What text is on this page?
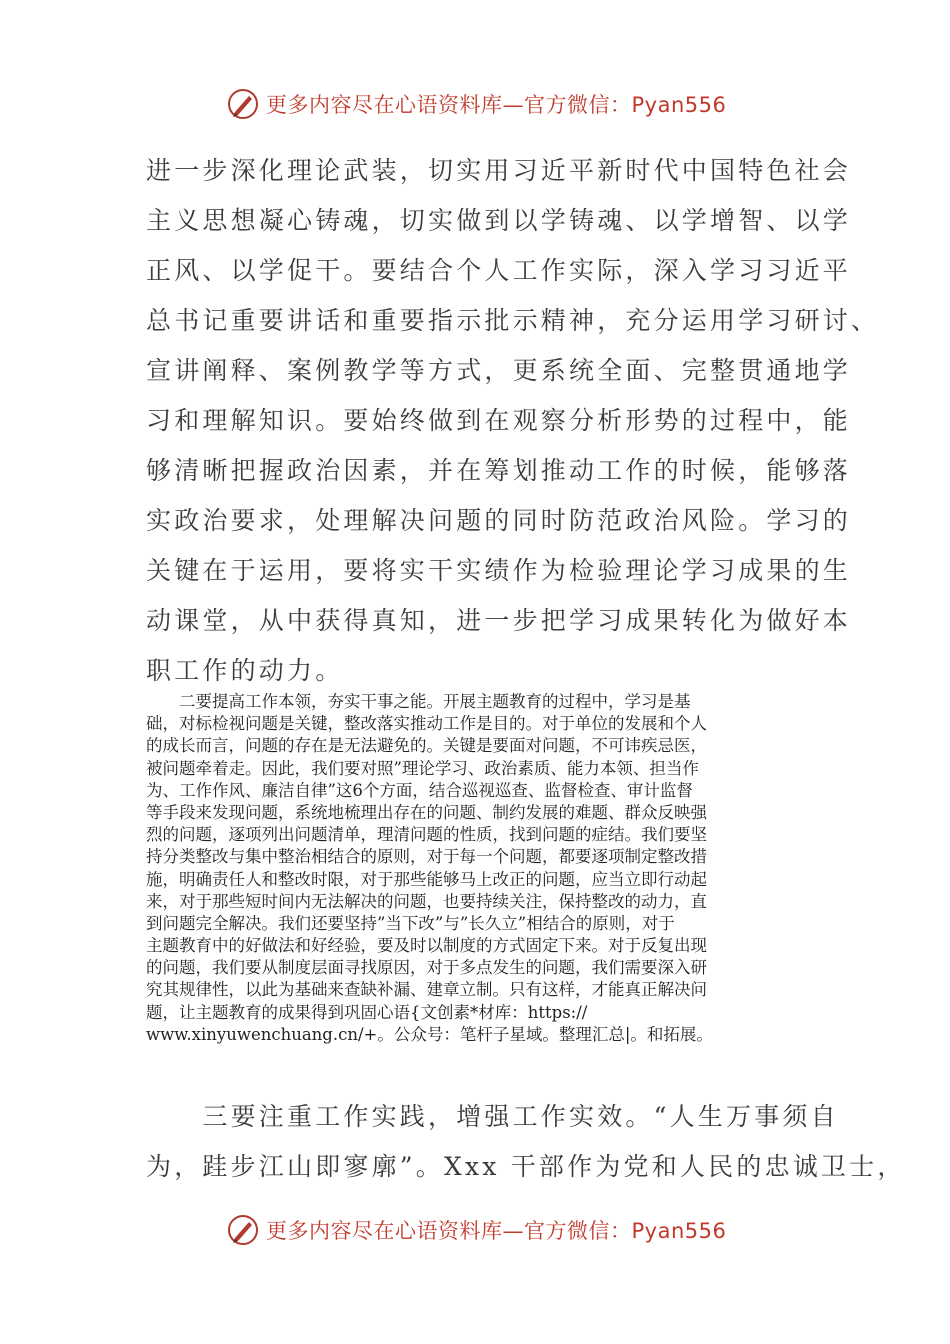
更多内容尽在心语资料库—官方微信：Pyan556
进一步深化理论武装，切实用习近平新时代中国特色社会
主义思想凝心铸魂，切实做到以学铸魂、以学增智、以学
正风、以学促干。要结合个人工作实际，深入学习习近平
总书记重要讲话和重要指示批示精神，充分运用学习研讨、
宣讲阐释、案例教学等方式，更系统全面、完整贯通地学
习和理解知识。要始终做到在观察分析形势的过程中，能
够清晰把握政治因素，并在筹划推动工作的时候，能够落
实政治要求，处理解决问题的同时防范政治风险。学习的
关键在于运用，要将实干实绩作为检验理论学习成果的生
动课堂，从中获得真知，进一步把学习成果转化为做好本
职工作的动力。
　　二要提高工作本领，夯实干事之能。开展主题教育的过程中，学习是基
础，对标检视问题是关键，整改落实推动工作是目的。对于单位的发展和个人
的成长而言，问题的存在是无法避免的。关键是要面对问题，不可讳疾忌医，
被问题牵着走。因此，我们要对照”理论学习、政治素质、能力本领、担当作
为、工作作风、廉洁自律”这6个方面，结合巡视巡查、监督检查、审计监督
等手段来发现问题，系统地梳理出存在的问题、制约发展的难题、群众反映强
烈的问题，逐项列出问题清单，理清问题的性质，找到问题的症结。我们要坚
持分类整改与集中整治相结合的原则，对于每一个问题，都要逐项制定整改措
施，明确责任人和整改时限，对于那些能够马上改正的问题，应当立即行动起
来，对于那些短时间内无法解决的问题，也要持续关注，保持整改的动力，直
到问题完全解决。我们还要坚持”当下改”与”长久立”相结合的原则，对于
主题教育中的好做法和好经验，要及时以制度的方式固定下来。对于反复出现
的问题，我们要从制度层面寻找原因，对于多点发生的问题，我们需要深入研
究其规律性，以此为基础来查缺补漏、建章立制。只有这样，才能真正解决问
题，让主题教育的成果得到巩固心语{文创素*材库：https://
www.xinyuwenchuang.cn/+。公众号：笔杆子星域。整理汇总|。和拓展。
　　三要注重工作实践，增强工作实效。“人生万事须自
为，跬步江山即寥廓”。Xxx 干部作为党和人民的忠诚卫士，
更多内容尽在心语资料库—官方微信：Pyan556
